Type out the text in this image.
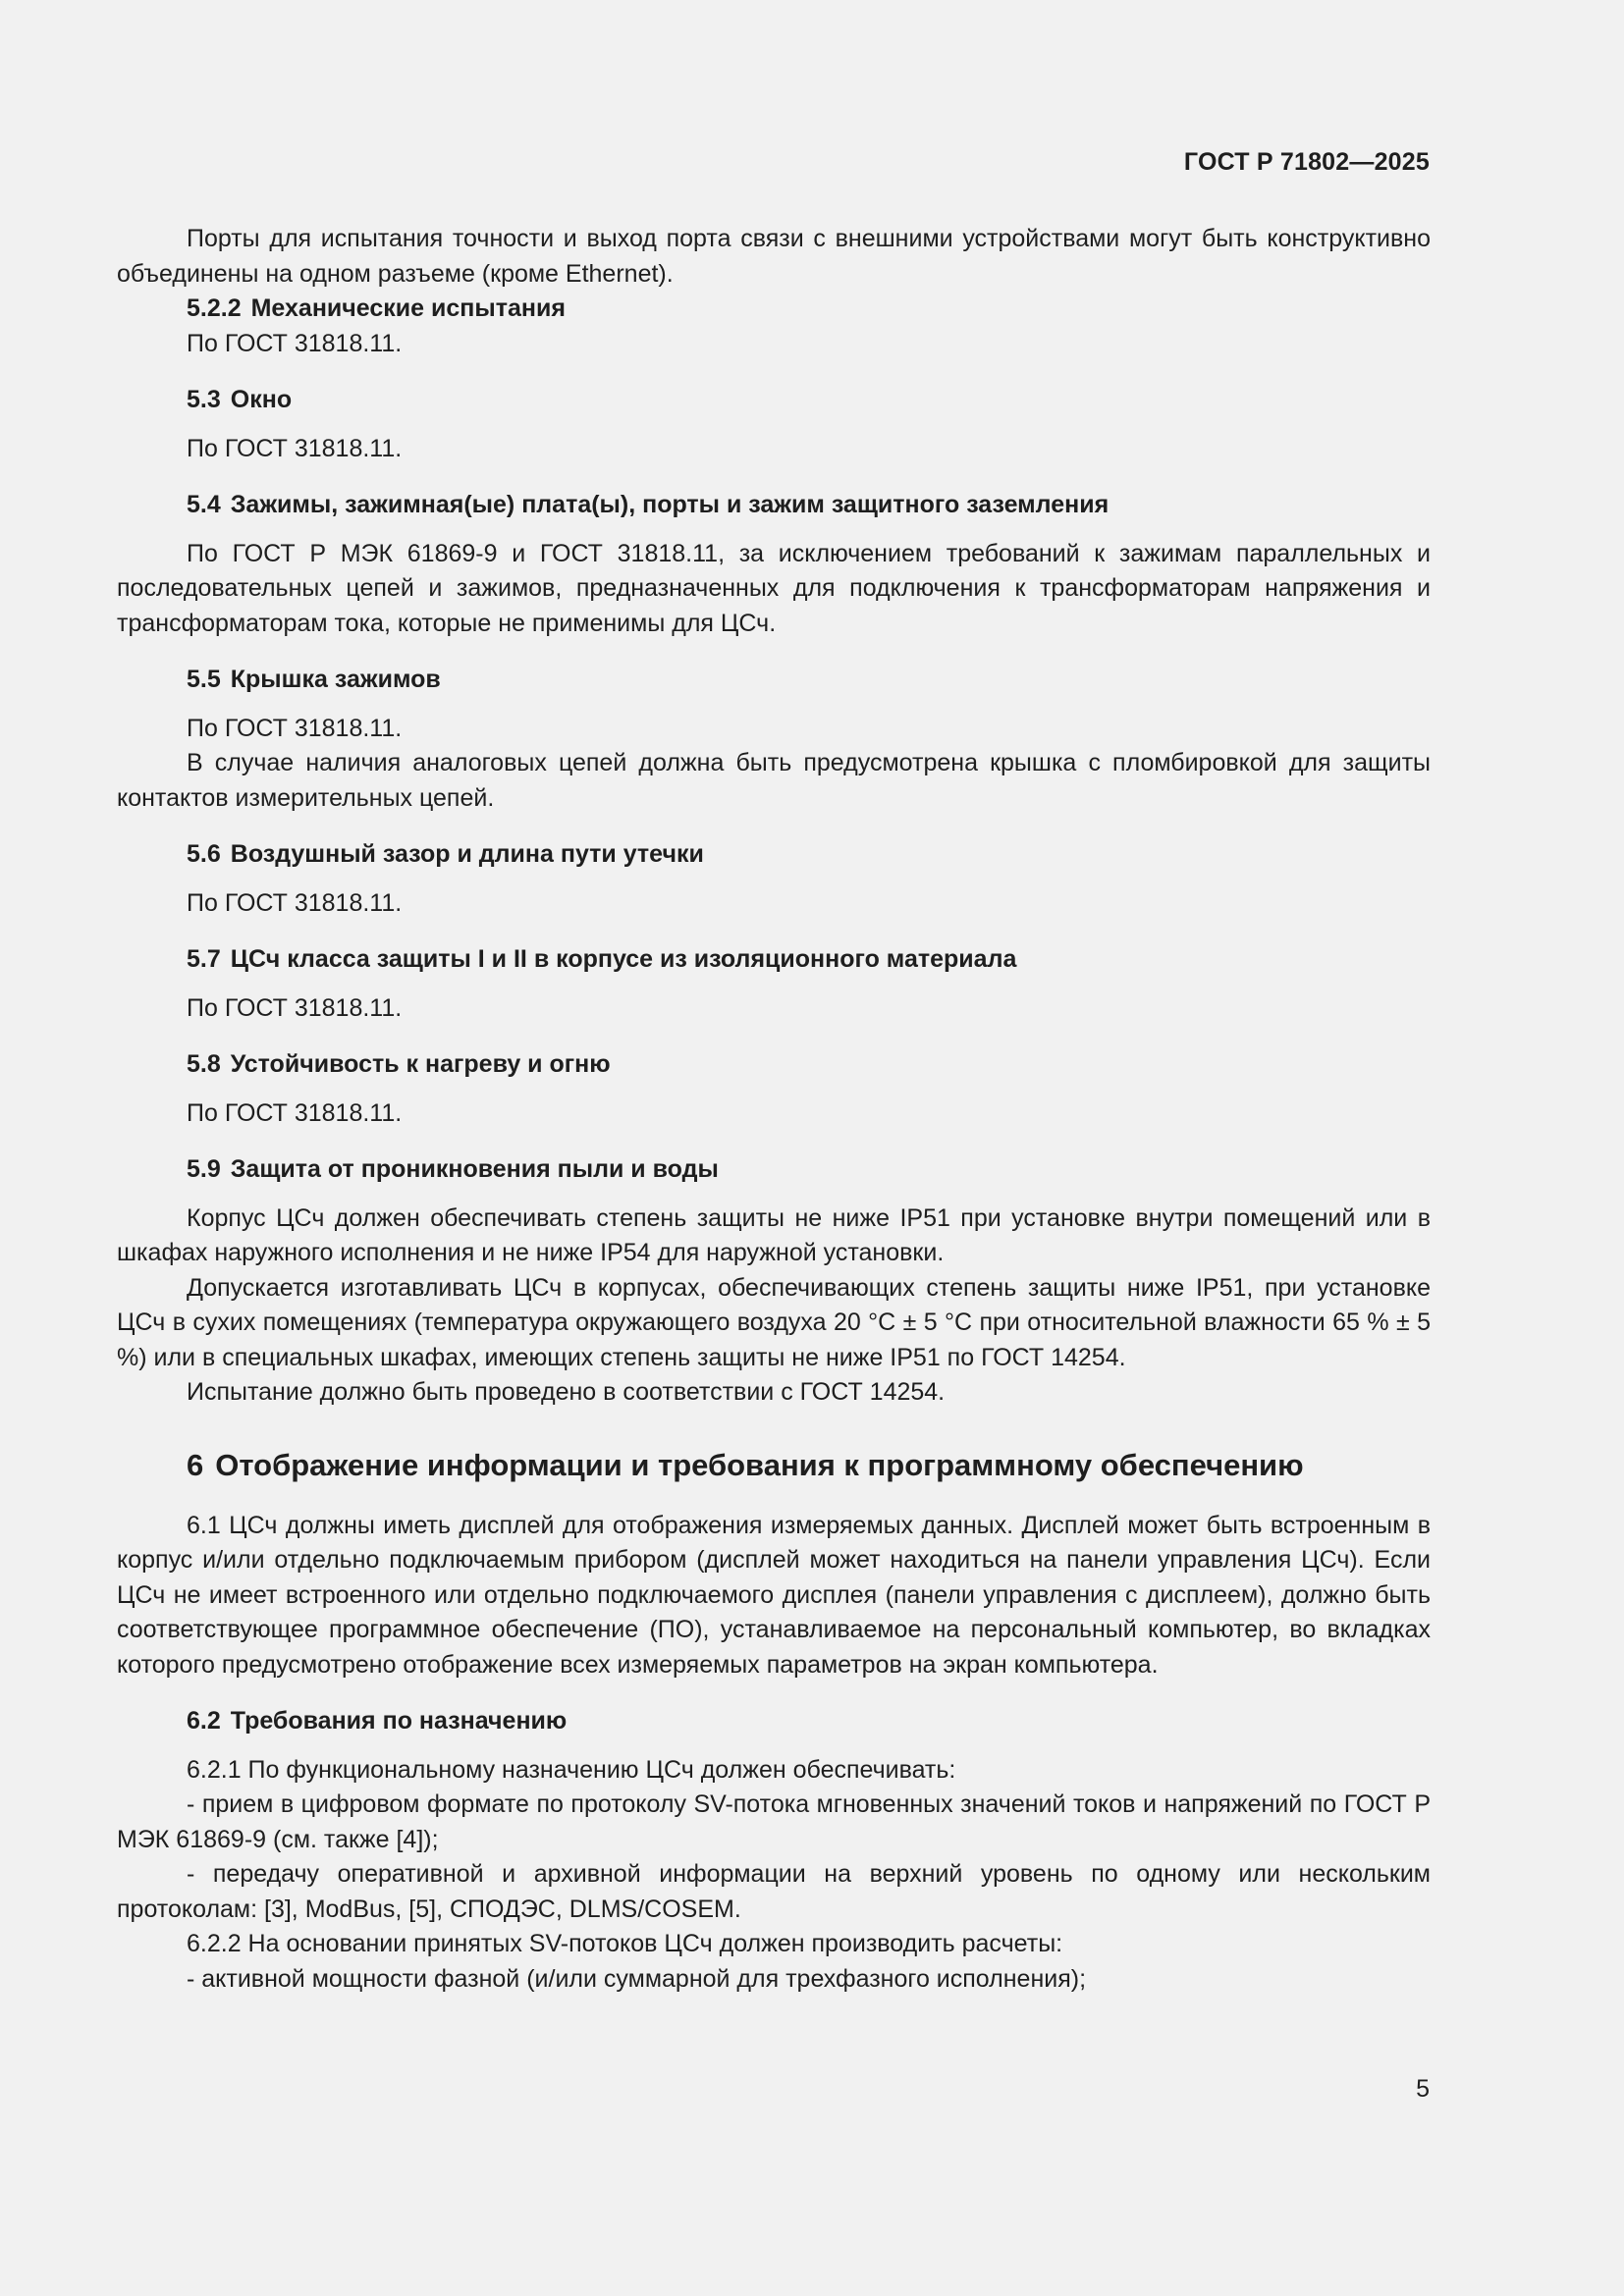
ГОСТ Р 71802—2025

Порты для испытания точности и выход порта связи с внешними устройствами могут быть конструктивно объединены на одном разъеме (кроме Ethernet).

5.2.2 Механические испытания

По ГОСТ 31818.11.

5.3 Окно

По ГОСТ 31818.11.

5.4 Зажимы, зажимная(ые) плата(ы), порты и зажим защитного заземления

По ГОСТ Р МЭК 61869-9 и ГОСТ 31818.11, за исключением требований к зажимам параллельных и последовательных цепей и зажимов, предназначенных для подключения к трансформаторам напряжения и трансформаторам тока, которые не применимы для ЦСч.

5.5 Крышка зажимов

По ГОСТ 31818.11.

В случае наличия аналоговых цепей должна быть предусмотрена крышка с пломбировкой для защиты контактов измерительных цепей.

5.6 Воздушный зазор и длина пути утечки

По ГОСТ 31818.11.

5.7 ЦСч класса защиты I и II в корпусе из изоляционного материала

По ГОСТ 31818.11.

5.8 Устойчивость к нагреву и огню

По ГОСТ 31818.11.

5.9 Защита от проникновения пыли и воды

Корпус ЦСч должен обеспечивать степень защиты не ниже IP51 при установке внутри помещений или в шкафах наружного исполнения и не ниже IP54 для наружной установки.

Допускается изготавливать ЦСч в корпусах, обеспечивающих степень защиты ниже IP51, при установке ЦСч в сухих помещениях (температура окружающего воздуха 20 °С ± 5 °С при относительной влажности 65 % ± 5 %) или в специальных шкафах, имеющих степень защиты не ниже IP51 по ГОСТ 14254.

Испытание должно быть проведено в соответствии с ГОСТ 14254.

6 Отображение информации и требования к программному обеспечению

6.1 ЦСч должны иметь дисплей для отображения измеряемых данных. Дисплей может быть встроенным в корпус и/или отдельно подключаемым прибором (дисплей может находиться на панели управления ЦСч). Если ЦСч не имеет встроенного или отдельно подключаемого дисплея (панели управления с дисплеем), должно быть соответствующее программное обеспечение (ПО), устанавливаемое на персональный компьютер, во вкладках которого предусмотрено отображение всех измеряемых параметров на экран компьютера.

6.2 Требования по назначению

6.2.1 По функциональному назначению ЦСч должен обеспечивать:

- прием в цифровом формате по протоколу SV-потока мгновенных значений токов и напряжений по ГОСТ Р МЭК 61869-9 (см. также [4]);

- передачу оперативной и архивной информации на верхний уровень по одному или нескольким протоколам: [3], ModBus, [5], СПОДЭС, DLMS/COSEM.

6.2.2 На основании принятых SV-потоков ЦСч должен производить расчеты:

- активной мощности фазной (и/или суммарной для трехфазного исполнения);

5
